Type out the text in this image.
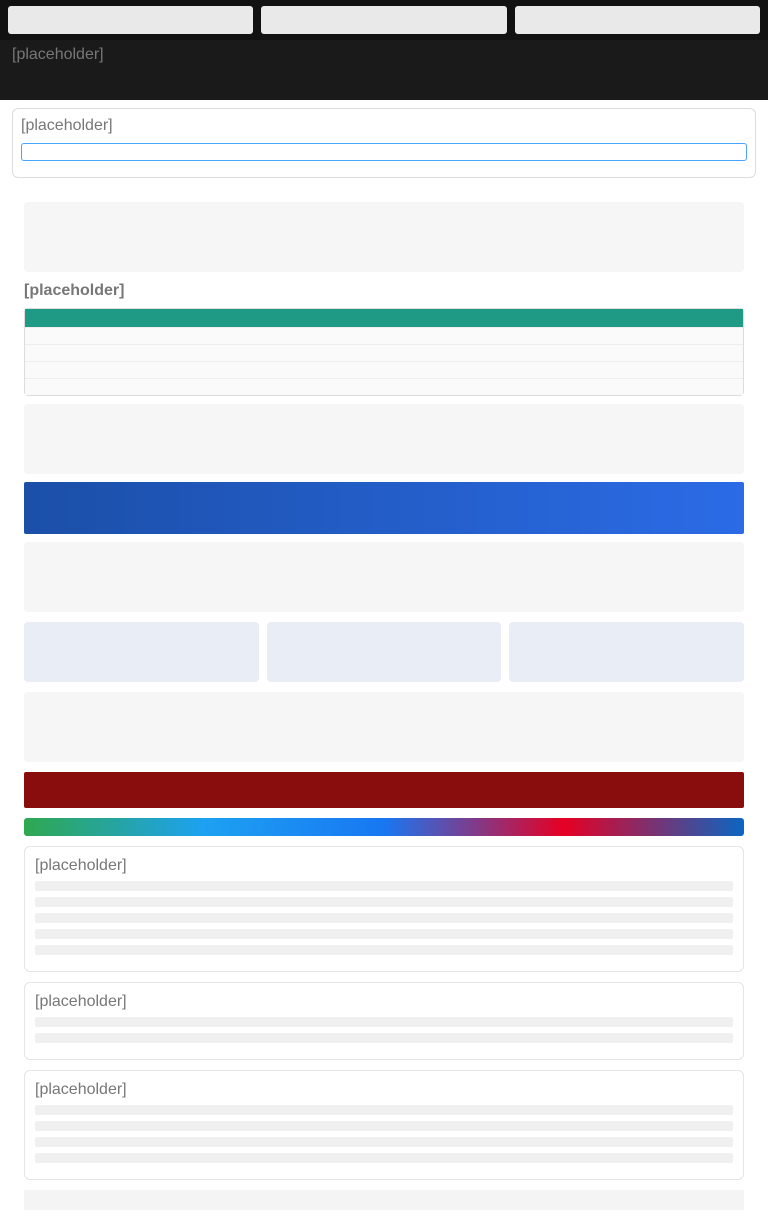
[placeholder]
[placeholder]
[placeholder]
[placeholder]
[placeholder]
[placeholder]
